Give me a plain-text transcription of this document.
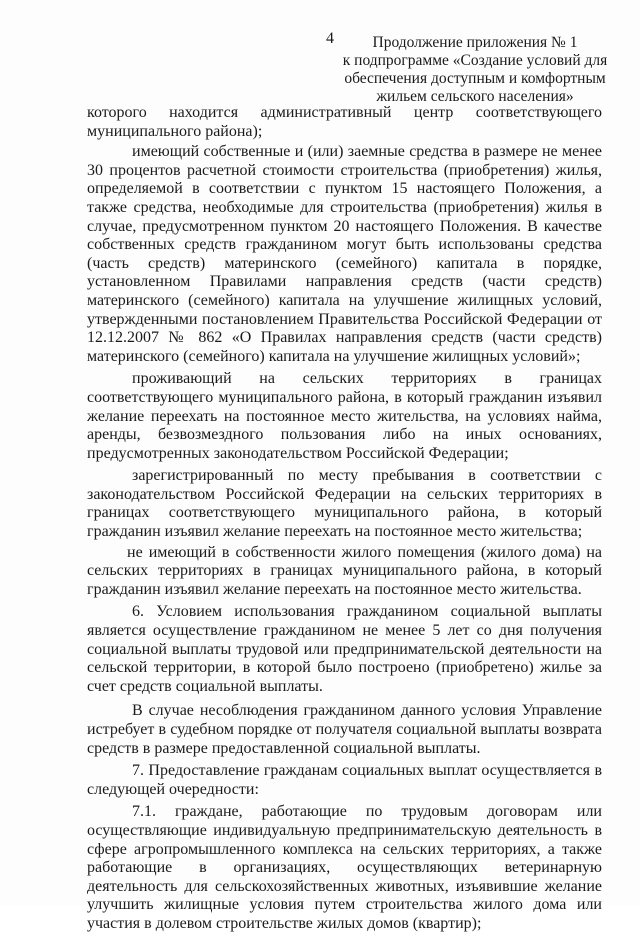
4	Продолжение приложения № 1
к подпрограмме «Создание условий для
обеспечения доступным и комфортным
жильем сельского населения»

которого находится административный центр соответствующего муниципального района);

имеющий собственные и (или) заемные средства в размере не менее 30 процентов расчетной стоимости строительства (приобретения) жилья, определяемой в соответствии с пунктом 15 настоящего Положения, а также средства, необходимые для строительства (приобретения) жилья в случае, предусмотренном пунктом 20 настоящего Положения. В качестве собственных средств гражданином могут быть использованы средства (часть средств) материнского (семейного) капитала в порядке, установленном Правилами направления средств (части средств) материнского (семейного) капитала на улучшение жилищных условий, утвержденными постановлением Правительства Российской Федерации от 12.12.2007 № 862 «О Правилах направления средств (части средств) материнского (семейного) капитала на улучшение жилищных условий»;

проживающий на сельских территориях в границах соответствующего муниципального района, в который гражданин изъявил желание переехать на постоянное место жительства, на условиях найма, аренды, безвозмездного пользования либо на иных основаниях, предусмотренных законодательством Российской Федерации;

зарегистрированный по месту пребывания в соответствии с законодательством Российской Федерации на сельских территориях в границах соответствующего муниципального района, в который гражданин изъявил желание переехать на постоянное место жительства;

не имеющий в собственности жилого помещения (жилого дома) на сельских территориях в границах муниципального района, в который гражданин изъявил желание переехать на постоянное место жительства.

6. Условием использования гражданином социальной выплаты является осуществление гражданином не менее 5 лет со дня получения социальной выплаты трудовой или предпринимательской деятельности на сельской территории, в которой было построено (приобретено) жилье за счет средств социальной выплаты.

В случае несоблюдения гражданином данного условия Управление истребует в судебном порядке от получателя социальной выплаты возврата средств в размере предоставленной социальной выплаты.

7. Предоставление гражданам социальных выплат осуществляется в следующей очередности:

7.1. граждане, работающие по трудовым договорам или осуществляющие индивидуальную предпринимательскую деятельность в сфере агропромышленного комплекса на сельских территориях, а также работающие в организациях, осуществляющих ветеринарную деятельность для сельскохозяйственных животных, изъявившие желание улучшить жилищные условия путем строительства жилого дома или участия в долевом строительстве жилых домов (квартир);
